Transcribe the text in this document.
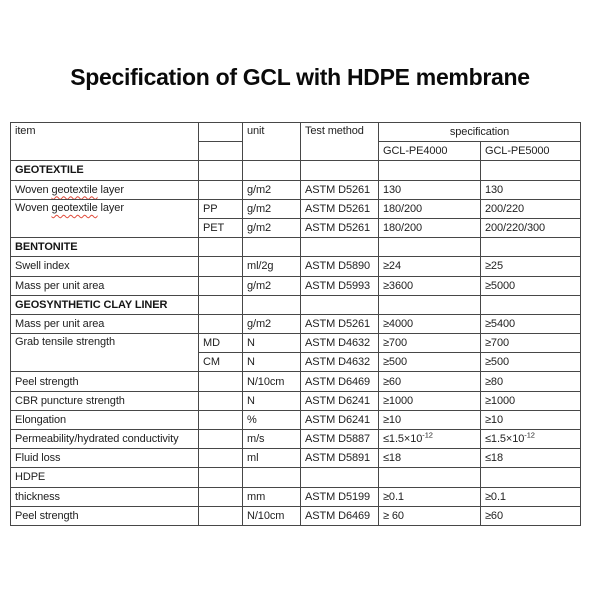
Specification of GCL with HDPE membrane
item		unit	Test method	specification	
				GCL-PE4000	GCL-PE5000
GEOTEXTILE					
Woven geotextile layer		g/m2	ASTM D5261	130	130
Woven geotextile layer	PP	g/m2	ASTM D5261	180/200	200/220
	PET	g/m2	ASTM D5261	180/200	200/220/300
BENTONITE					
Swell index		ml/2g	ASTM D5890	≥24	≥25
Mass per unit area		g/m2	ASTM D5993	≥3600	≥5000
GEOSYNTHETIC CLAY LINER					
Mass per unit area		g/m2	ASTM D5261	≥4000	≥5400
Grab tensile strength	MD	N	ASTM D4632	≥700	≥700
	CM	N	ASTM D4632	≥500	≥500
Peel strength		N/10cm	ASTM D6469	≥60	≥80
CBR puncture strength		N	ASTM D6241	≥1000	≥1000
Elongation		%	ASTM D6241	≥10	≥10
Permeability/hydrated conductivity		m/s	ASTM D5887	$\le 1.5\times 10^{-12}$	$\le 1.5\times 10^{-12}$
Fluid loss		ml	ASTM D5891	≤18	≤18
HDPE					
thickness		mm	ASTM D5199	≥0.1	≥0.1
Peel strength		N/10cm	ASTM D6469	≥ 60	≥60
